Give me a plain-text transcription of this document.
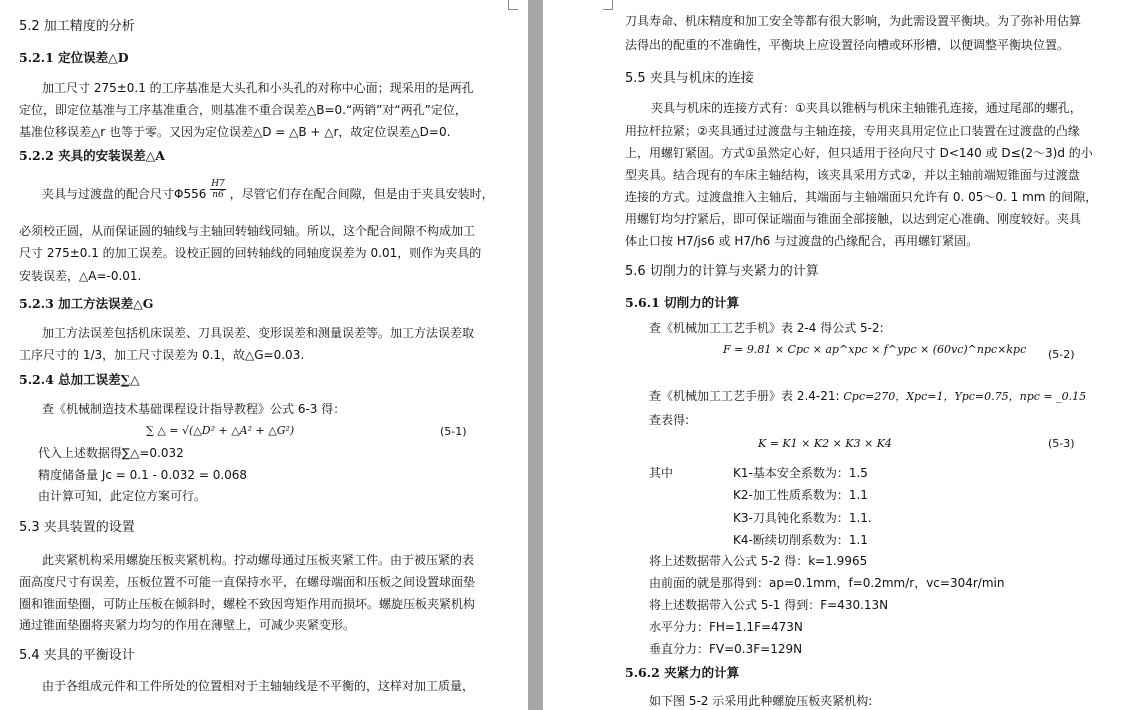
5.2 加工精度的分析
5.2.1 定位误差△D
加工尺寸 275±0.1 的工序基准是大头孔和小头孔的对称中心面；现采用的是两孔
定位，即定位基准与工序基准重合，则基准不重合误差△B=0.“两销”对“两孔”定位，
基准位移误差△r 也等于零。又因为定位误差△D = △B + △r，故定位误差△D=0.
5.2.2 夹具的安装误差△A
夹具与过渡盘的配合尺寸$\Phi 556 \frac{H7}{n6}$ ，尽管它们存在配合间隙，但是由于夹具安装时，
必须校正圆，从而保证圆的轴线与主轴回转轴线同轴。所以，这个配合间隙不构成加工
尺寸 275±0.1 的加工误差。设校正圆的回转轴线的同轴度误差为 0.01，则作为夹具的
安装误差，△A=-0.01.
5.2.3 加工方法误差△G
加工方法误差包括机床误差、刀具误差、变形误差和测量误差等。加工方法误差取
工序尺寸的 1/3，加工尺寸误差为 0.1，故△G=0.03.
5.2.4 总加工误差∑△
查《机械制造技术基础课程设计指导教程》公式 6-3 得：
∑ △ = √(△D² + △A² + △G²)	(5-1)
代入上述数据得∑△=0.032
精度储备量 Jc = 0.1 - 0.032 = 0.068
由计算可知，此定位方案可行。
5.3 夹具装置的设置
此夹紧机构采用螺旋压板夹紧机构。拧动螺母通过压板夹紧工件。由于被压紧的表
面高度尺寸有误差，压板位置不可能一直保持水平，在螺母端面和压板之间设置球面垫
圈和锥面垫圈，可防止压板在倾斜时，螺栓不致因弯矩作用而损坏。螺旋压板夹紧机构
通过锥面垫圈将夹紧力均匀的作用在薄壁上，可减少夹紧变形。
5.4 夹具的平衡设计
由于各组成元件和工件所处的位置相对于主轴轴线是不平衡的，这样对加工质量，
刀具寿命、机床精度和加工安全等都有很大影响，为此需设置平衡块。为了弥补用估算
法得出的配重的不准确性，平衡块上应设置径向槽或环形槽，以便调整平衡块位置。
5.5 夹具与机床的连接
夹具与机床的连接方式有：①夹具以锥柄与机床主轴锥孔连接，通过尾部的螺孔，
用拉杆拉紧；②夹具通过过渡盘与主轴连接，专用夹具用定位止口装置在过渡盘的凸缘
上，用螺钉紧固。方式①虽然定心好，但只适用于径向尺寸 D<140 或 D≤(2～3)d 的小
型夹具。结合现有的车床主轴结构，该夹具采用方式②，并以主轴前端短锥面与过渡盘
连接的方式。过渡盘推入主轴后，其端面与主轴端面只允许有 0. 05～0. 1 mm 的间隙，
用螺钉均匀拧紧后，即可保证端面与锥面全部接触，以达到定心准确、刚度较好。夹具
体止口按 H7/js6 或 H7/h6 与过渡盘的凸缘配合，再用螺钉紧固。
5.6 切削力的计算与夹紧力的计算
5.6.1 切削力的计算
查《机械加工工艺手机》表 2-4 得公式 5-2:
F = 9.81 × Cpc × ap^xpc × f^ypc × (60vc)^npc×kpc (5-2)
查《机械加工工艺手册》表 2.4-21: Cpc=270，Xpc=1，Ypc=0.75，npc = _0.15
查表得:
K = K1 × K2 × K3 × K4	(5-3)
其中	K1-基本安全系数为：1.5
K2-加工性质系数为：1.1
K3-刀具钝化系数为：1.1.
K4-断续切削系数为：1.1
将上述数据带入公式 5-2 得：k=1.9965
由前面的就是那得到：ap=0.1mm，f=0.2mm/r，vc=304r/min
将上述数据带入公式 5-1 得到：F=430.13N
水平分力：FH=1.1F=473N
垂直分力：FV=0.3F=129N
5.6.2 夹紧力的计算
如下图 5-2 示采用此种螺旋压板夹紧机构:
